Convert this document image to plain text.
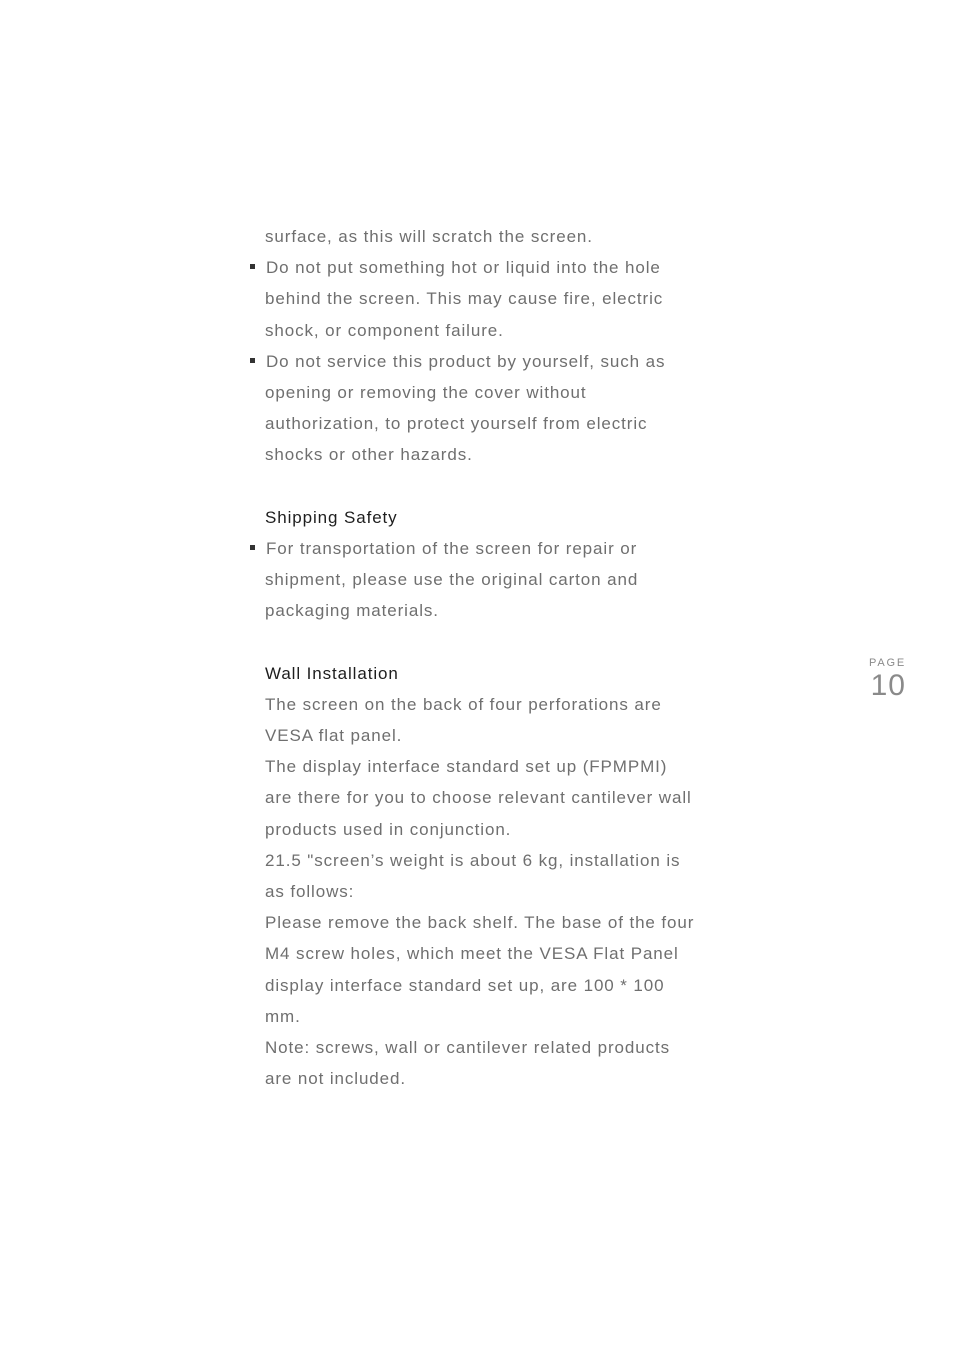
surface, as this will scratch the screen.
Do not put something hot or liquid into the hole
behind the screen. This may cause fire, electric
shock, or component failure.
Do not service this product by yourself, such as
opening or removing the cover without
authorization, to protect yourself from electric
shocks or other hazards.
Shipping Safety
For transportation of the screen for repair or
shipment, please use the original carton and
packaging materials.
Wall Installation
The screen on the back of four perforations are
VESA flat panel.
The display interface standard set up (FPMPMI)
are there for you to choose relevant cantilever wall
products used in conjunction.
21.5 "screen’s weight is about 6 kg, installation is
as follows:
Please remove the back shelf. The base of the four
M4 screw holes, which meet the VESA Flat Panel
display interface standard set up, are 100 * 100
mm.
Note: screws, wall or cantilever related products
are not included.
PAGE
10
